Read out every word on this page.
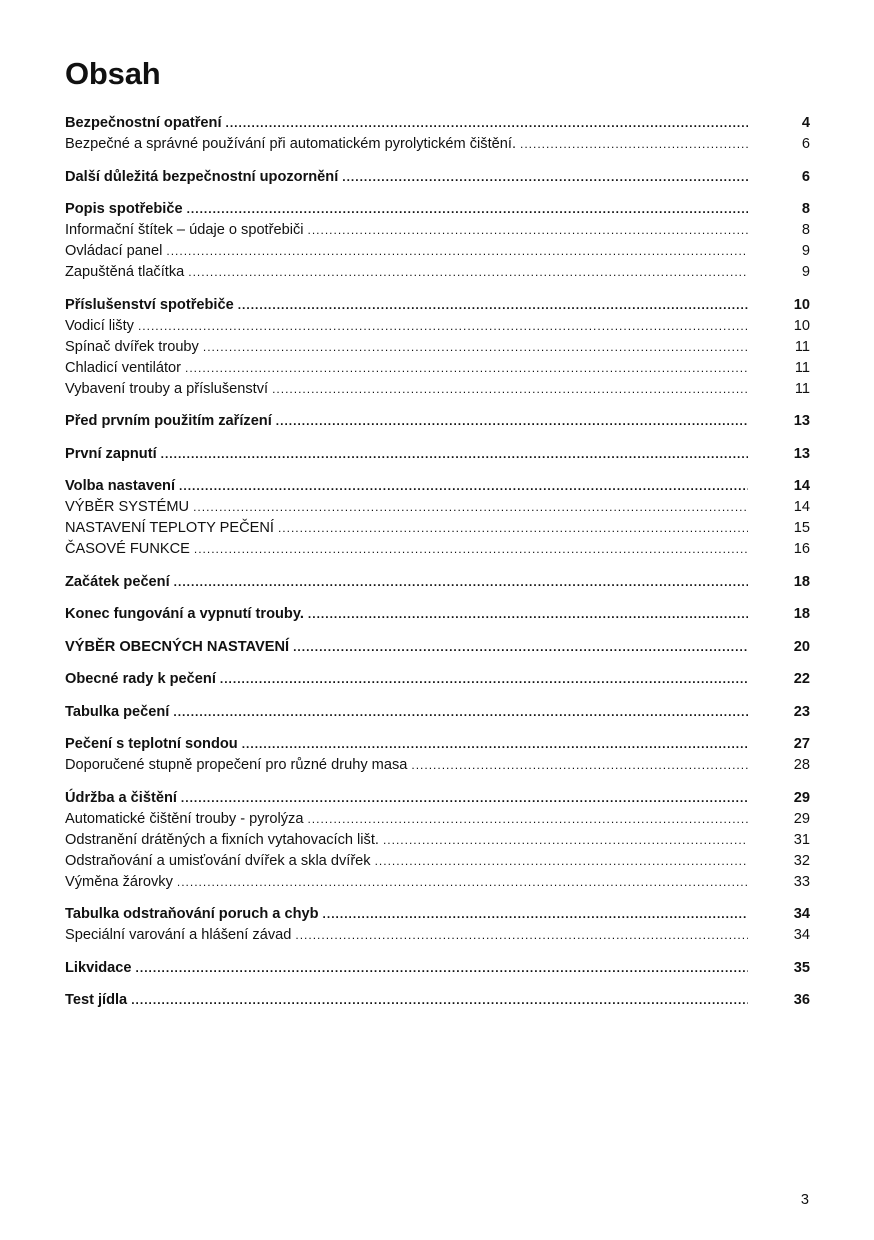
Obsah
Bezpečnostní opatření .....	4
Bezpečné a správné používání při automatickém pyrolytickém čištění. .....	6
Další důležitá bezpečnostní upozornění .....	6
Popis spotřebiče .....	8
Informační štítek – údaje o spotřebiči .....	8
Ovládací panel .....	9
Zapuštěná tlačítka .....	9
Příslušenství spotřebiče .....	10
Vodicí lišty .....	10
Spínač dvířek trouby .....	11
Chladicí ventilátor .....	11
Vybavení trouby a příslušenství .....	11
Před prvním použitím zařízení .....	13
První zapnutí .....	13
Volba nastavení .....	14
VÝBĚR SYSTÉMU .....	14
NASTAVENÍ TEPLOTY PEČENÍ .....	15
ČASOVÉ FUNKCE .....	16
Začátek pečení .....	18
Konec fungování a vypnutí trouby. .....	18
VÝBĚR OBECNÝCH NASTAVENÍ .....	20
Obecné rady k pečení .....	22
Tabulka pečení .....	23
Pečení s teplotní sondou .....	27
Doporučené stupně propečení pro různé druhy masa .....	28
Údržba a čištění .....	29
Automatické čištění trouby - pyrolýza .....	29
Odstranění drátěných a fixních vytahovacích lišt. .....	31
Odstraňování a umisťování dvířek a skla dvířek .....	32
Výměna žárovky .....	33
Tabulka odstraňování poruch a chyb .....	34
Speciální varování a hlášení závad .....	34
Likvidace .....	35
Test jídla .....	36
3
